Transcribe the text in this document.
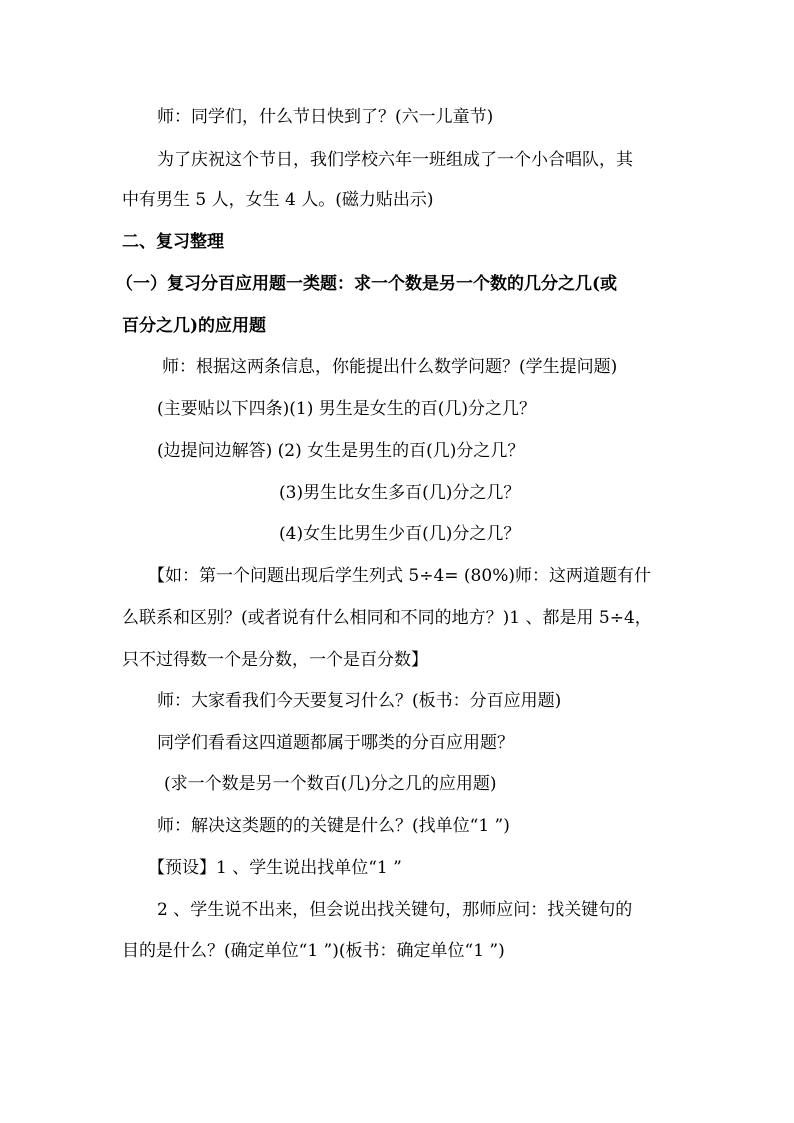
师：同学们，什么节日快到了？(六一儿童节)
为了庆祝这个节日，我们学校六年一班组成了一个小合唱队，其
中有男生 5 人，女生 4 人。(磁力贴出示)
二、复习整理
（一）复习分百应用题一类题：求一个数是另一个数的几分之几(或
百分之几)的应用题
师：根据这两条信息，你能提出什么数学问题？(学生提问题)
(主要贴以下四条)(1) 男生是女生的百(几)分之几？
(边提问边解答) (2) 女生是男生的百(几)分之几？
(3)男生比女生多百(几)分之几？
(4)女生比男生少百(几)分之几？
【如：第一个问题出现后学生列式 5÷4= (80%)师：这两道题有什
么联系和区别？(或者说有什么相同和不同的地方？)1 、都是用 5÷4，
只不过得数一个是分数，一个是百分数】
师：大家看我们今天要复习什么？(板书：分百应用题)
同学们看看这四道题都属于哪类的分百应用题？
(求一个数是另一个数百(几)分之几的应用题)
师：解决这类题的的关键是什么？(找单位“1 ”)
【预设】1 、学生说出找单位“1 ”
2 、学生说不出来，但会说出找关键句，那师应问：找关键句的
目的是什么？(确定单位“1 ”)(板书：确定单位“1 ”)
